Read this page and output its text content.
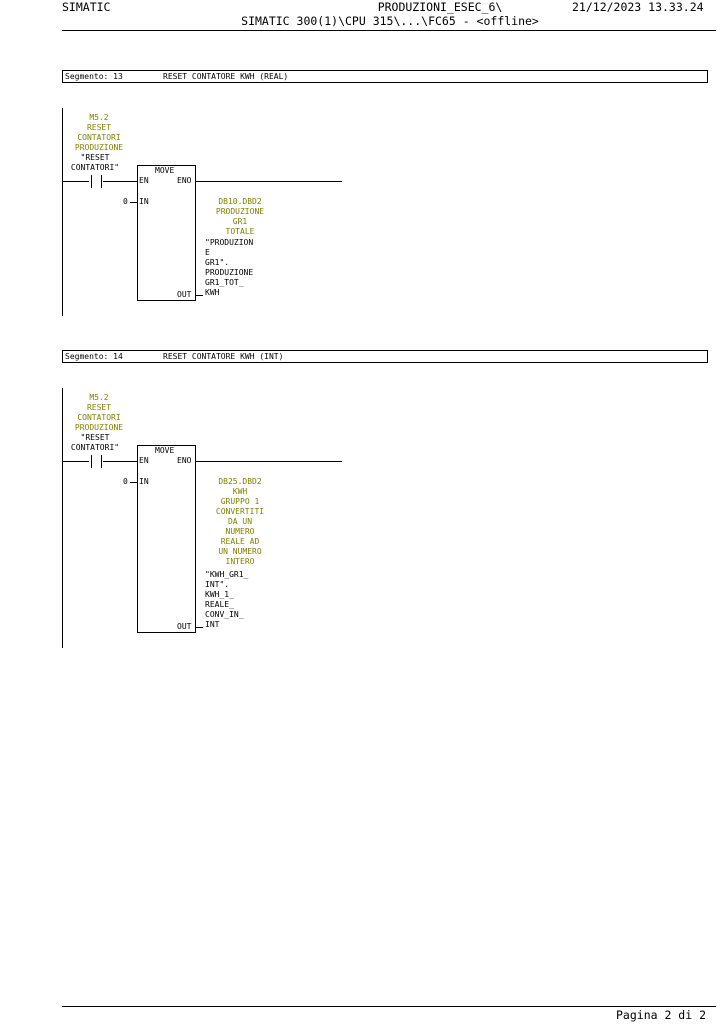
SIMATIC	PRODUZIONI_ESEC_6\	21/12/2023 13.33.24
SIMATIC 300(1)\CPU 315\...\FC65 - <offline>
Segmento: 13	RESET CONTATORE KWH (REAL)
M5.2
RESET
CONTATORI
PRODUZIONE
"RESET
CONTATORI"	MOVE
EN	ENO
0 IN	DB10.DBD2
PRODUZIONE
GR1
TOTALE
"PRODUZION
E
GR1".
PRODUZIONE
GR1_TOT_
KWH
OUT
Segmento: 14	RESET CONTATORE KWH (INT)
M5.2
RESET
CONTATORI
PRODUZIONE
"RESET
CONTATORI"	MOVE
EN	ENO
0 IN	DB25.DBD2
KWH
GRUPPO 1
CONVERTITI
DA UN
NUMERO
REALE AD
UN NUMERO
INTERO
"KWH_GR1_
INT".
KWH_1_
REALE_
CONV_IN_
INT
OUT
Pagina 2 di 2
